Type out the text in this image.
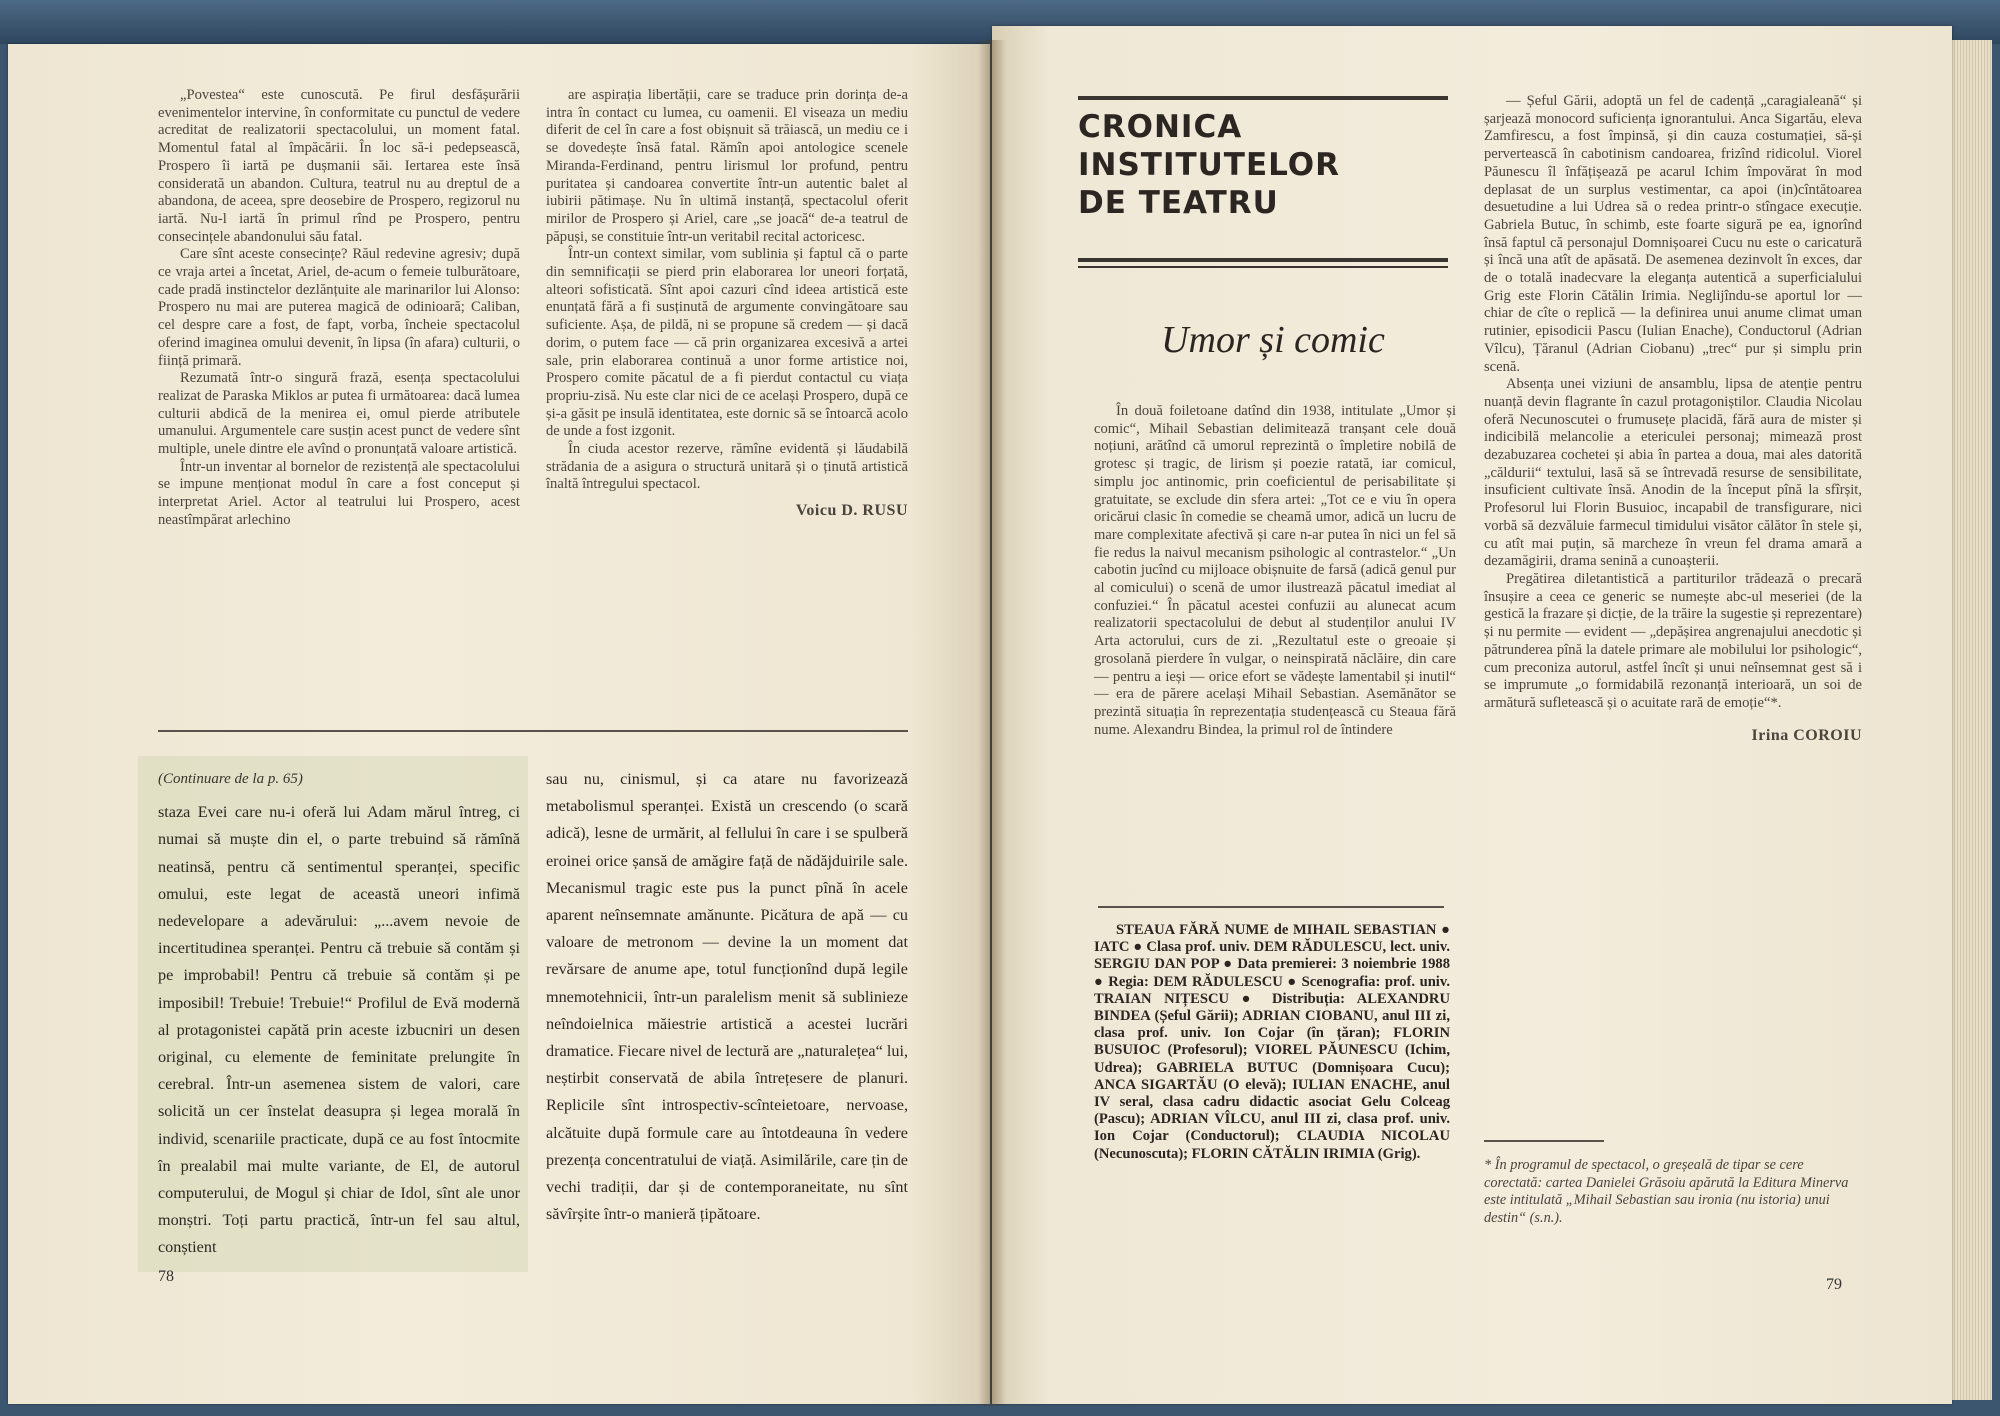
„Povestea“ este cunoscută. Pe firul desfășurării evenimentelor intervine, în conformitate cu punctul de vedere acreditat de realizatorii spectacolului, un moment fatal. Momentul fatal al împăcării. În loc să-i pedepsească, Prospero îi iartă pe dușmanii săi. Iertarea este însă considerată un abandon. Cultura, teatrul nu au dreptul de a abandona, de aceea, spre deosebire de Prospero, regizorul nu iartă. Nu-l iartă în primul rînd pe Prospero, pentru consecințele abandonului său fatal.

Care sînt aceste consecințe? Răul redevine agresiv; după ce vraja artei a încetat, Ariel, de-acum o femeie tulburătoare, cade pradă instinctelor dezlănțuite ale marinarilor lui Alonso: Prospero nu mai are puterea magică de odinioară; Caliban, cel despre care a fost, de fapt, vorba, încheie spectacolul oferind imaginea omului devenit, în lipsa (în afara) culturii, o ființă primară.

Rezumată într-o singură frază, esența spectacolului realizat de Paraska Miklos ar putea fi următoarea: dacă lumea culturii abdică de la menirea ei, omul pierde atributele umanului. Argumentele care susțin acest punct de vedere sînt multiple, unele dintre ele avînd o pronunțată valoare artistică.

Într-un inventar al bornelor de rezistență ale spectacolului se impune menționat modul în care a fost conceput și interpretat Ariel. Actor al teatrului lui Prospero, acest neastîmpărat arlechino

are aspirația libertății, care se traduce prin dorința de-a intra în contact cu lumea, cu oamenii. El viseaza un mediu diferit de cel în care a fost obișnuit să trăiască, un mediu ce i se dovedește însă fatal. Rămîn apoi antologice scenele Miranda-Ferdinand, pentru lirismul lor profund, pentru puritatea și candoarea convertite într-un autentic balet al iubirii pătimașe. Nu în ultimă instanță, spectacolul oferit mirilor de Prospero și Ariel, care „se joacă“ de-a teatrul de păpuși, se constituie într-un veritabil recital actoricesc.

Într-un context similar, vom sublinia și faptul că o parte din semnificații se pierd prin elaborarea lor uneori forțată, alteori sofisticată. Sînt apoi cazuri cînd ideea artistică este enunțată fără a fi susținută de argumente convingătoare sau suficiente. Așa, de pildă, ni se propune să credem — și dacă dorim, o putem face — că prin organizarea excesivă a artei sale, prin elaborarea continuă a unor forme artistice noi, Prospero comite păcatul de a fi pierdut contactul cu viața propriu-zisă. Nu este clar nici de ce același Prospero, după ce și-a găsit pe insulă identitatea, este dornic să se întoarcă acolo de unde a fost izgonit.

În ciuda acestor rezerve, rămîne evidentă și lăudabilă strădania de a asigura o structură unitară și o ținută artistică înaltă întregului spectacol.

Voicu D. RUSU
(Continuare de la p. 65)

staza Evei care nu-i oferă lui Adam mărul întreg, ci numai să muște din el, o parte trebuind să rămînă neatinsă, pentru că sentimentul speranței, specific omului, este legat de această uneori infimă nedevelopare a adevărului: „...avem nevoie de incertitudinea speranței. Pentru că trebuie să contăm și pe improbabil! Pentru că trebuie să contăm și pe imposibil! Trebuie! Trebuie!“ Profilul de Evă modernă al protagonistei capătă prin aceste izbucniri un desen original, cu elemente de feminitate prelungite în cerebral. Într-un asemenea sistem de valori, care solicită un cer înstelat deasupra și legea morală în individ, scenariile practicate, după ce au fost întocmite în prealabil mai multe variante, de El, de autorul computerului, de Mogul și chiar de Idol, sînt ale unor monștri. Toți partu practică, într-un fel sau altul, conștient

sau nu, cinismul, și ca atare nu favorizează metabolismul speranței. Există un crescendo (o scară adică), lesne de urmărit, al fellului în care i se spulberă eroinei orice șansă de amăgire față de nădăjduirile sale. Mecanismul tragic este pus la punct pînă în acele aparent neînsemnate amănunte. Picătura de apă — cu valoare de metronom — devine la un moment dat revărsare de anume ape, totul funcționînd după legile mnemotehnicii, într-un paralelism menit să sublinieze neîndoielnica măiestrie artistică a acestei lucrări dramatice. Fiecare nivel de lectură are „naturalețea“ lui, neștirbit conservată de abila întrețesere de planuri. Replicile sînt introspectiv-scînteietoare, nervoase, alcătuite după formule care au întotdeauna în vedere prezența concentratului de viață. Asimilările, care țin de vechi tradiții, dar și de contemporaneitate, nu sînt săvîrșite într-o manieră țipătoare.

78
CRONICA
INSTITUTELOR
DE TEATRU
Umor și comic

În două foiletoane datînd din 1938, intitulate „Umor și comic“, Mihail Sebastian delimitează tranșant cele două noțiuni, arătînd că umorul reprezintă o împletire nobilă de grotesc și tragic, de lirism și poezie ratată, iar comicul, simplu joc antinomic, prin coeficientul de perisabilitate și gratuitate, se exclude din sfera artei: „Tot ce e viu în opera oricărui clasic în comedie se cheamă umor, adică un lucru de mare complexitate afectivă și care n-ar putea în nici un fel să fie redus la naivul mecanism psihologic al contrastelor.“ „Un cabotin jucînd cu mijloace obișnuite de farsă (adică genul pur al comicului) o scenă de umor ilustrează păcatul imediat al confuziei.“ În păcatul acestei confuzii au alunecat acum realizatorii spectacolului de debut al studenților anului IV Arta actorului, curs de zi. „Rezultatul este o greoaie și grosolană pierdere în vulgar, o neinspirată năclăire, din care — pentru a ieși — orice efort se vădește lamentabil și inutil“ — era de părere același Mihail Sebastian. Asemănător se prezintă situația în reprezentația studențească cu Steaua fără nume. Alexandru Bindea, la primul rol de întindere

STEAUA FĂRĂ NUME de MIHAIL SEBASTIAN ● IATC ● Clasa prof. univ. DEM RĂDULESCU, lect. univ. SERGIU DAN POP ● Data premierei: 3 noiembrie 1988 ● Regia: DEM RĂDULESCU ● Scenografia: prof. univ. TRAIAN NIȚESCU ● Distribuția: ALEXANDRU BINDEA (Șeful Gării); ADRIAN CIOBANU, anul III zi, clasa prof. univ. Ion Cojar (în țăran); FLORIN BUSUIOC (Profesorul); VIOREL PĂUNESCU (Ichim, Udrea); GABRIELA BUTUC (Domnișoara Cucu); ANCA SIGARTĂU (O elevă); IULIAN ENACHE, anul IV seral, clasa cadru didactic asociat Gelu Colceag (Pascu); ADRIAN VÎLCU, anul III zi, clasa prof. univ. Ion Cojar (Conductorul); CLAUDIA NICOLAU (Necunoscuta); FLORIN CĂTĂLIN IRIMIA (Grig).

— Șeful Gării, adoptă un fel de cadență „caragialeană“ și șarjează monocord suficiența ignorantului. Anca Sigartău, eleva Zamfirescu, a fost împinsă, și din cauza costumației, să-și pervertească în cabotinism candoarea, frizînd ridicolul. Viorel Păunescu îl înfățișează pe acarul Ichim împovărat în mod deplasat de un surplus vestimentar, ca apoi (in)cîntătoarea desuetudine a lui Udrea să o redea printr-o stîngace execuție. Gabriela Butuc, în schimb, este foarte sigură pe ea, ignorînd însă faptul că personajul Domnișoarei Cucu nu este o caricatură și încă una atît de apăsată. De asemenea dezinvolt în exces, dar de o totală inadecvare la eleganța autentică a superficialului Grig este Florin Cătălin Irimia. Neglijîndu-se aportul lor — chiar de cîte o replică — la definirea unui anume climat uman rutinier, episodicii Pascu (Iulian Enache), Conductorul (Adrian Vîlcu), Țăranul (Adrian Ciobanu) „trec“ pur și simplu prin scenă.

Absența unei viziuni de ansamblu, lipsa de atenție pentru nuanță devin flagrante în cazul protagoniștilor. Claudia Nicolau oferă Necunoscutei o frumusețe placidă, fără aura de mister și indicibilă melancolie a etericulei personaj; mimează prost dezabuzarea cochetei și abia în partea a doua, mai ales datorită „căldurii“ textului, lasă să se întrevadă resurse de sensibilitate, insuficient cultivate însă. Anodin de la început pînă la sfîrșit, Profesorul lui Florin Busuioc, incapabil de transfigurare, nici vorbă să dezvăluie farmecul timidului visător călător în stele și, cu atît mai puțin, să marcheze în vreun fel drama amară a dezamăgirii, drama senină a cunoașterii.

Pregătirea diletantistică a partiturilor trădează o precară însușire a ceea ce generic se numește abc-ul meseriei (de la gestică la frazare și dicție, de la trăire la sugestie și reprezentare) și nu permite — evident — „depășirea angrenajului anecdotic și pătrunderea pînă la datele primare ale mobilului lor psihologic“, cum preconiza autorul, astfel încît și unui neînsemnat gest să i se imprumute „o formidabilă rezonanță interioară, un soi de armătură sufletească și o acuitate rară de emoție“*.

Irina COROIU
* În programul de spectacol, o greșeală de tipar se cere corectată: cartea Danielei Grăsoiu apărută la Editura Minerva este intitulată „Mihail Sebastian sau ironia (nu istoria) unui destin“ (s.n.).
79
